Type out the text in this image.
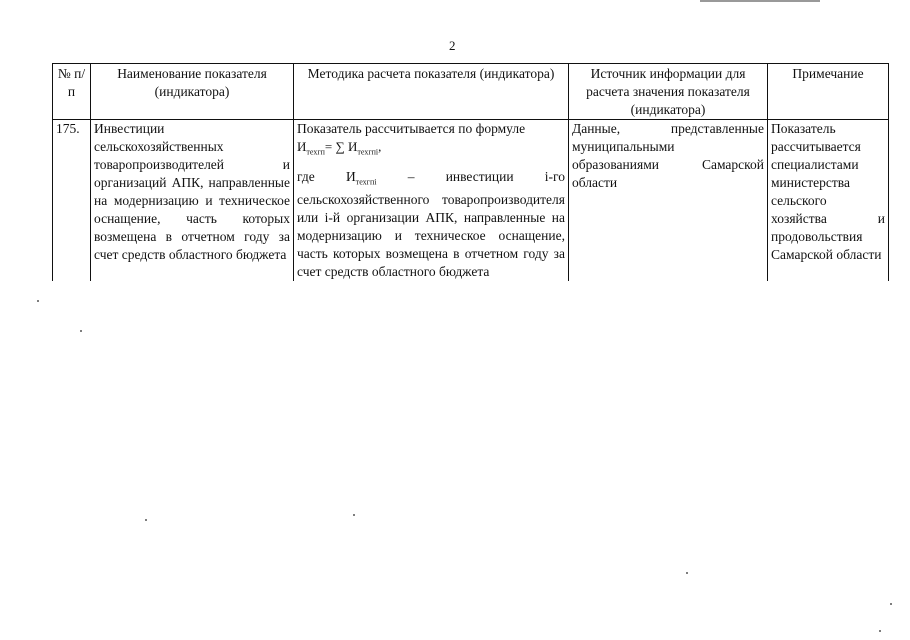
2
№ п/п	Наименование показателя (индикатора)	Методика расчета показателя (индикатора)	Источник информации для расчета значения показателя (индикатора)	Примечание
175.	Инвестиции сельскохозяйственных товаропроизводителей и организаций АПК, направленные на модернизацию и техническое оснащение, часть которых возмещена в отчетном году за счет средств областного бюджета	Показатель рассчитывается по формуле
$И_{техгп}=$ ∑ $И_{техгпi}$,
где $И_{техгпi}$ – инвестиции i-го сельскохозяйственного товаропроизводителя или i-й организации АПК, направленные на модернизацию и техническое оснащение, часть которых возмещена в отчетном году за счет средств областного бюджета	Данные, представленные муниципальными образованиями Самарской области	Показатель рассчитывается специалистами министерства сельского хозяйства и продовольствия Самарской области
